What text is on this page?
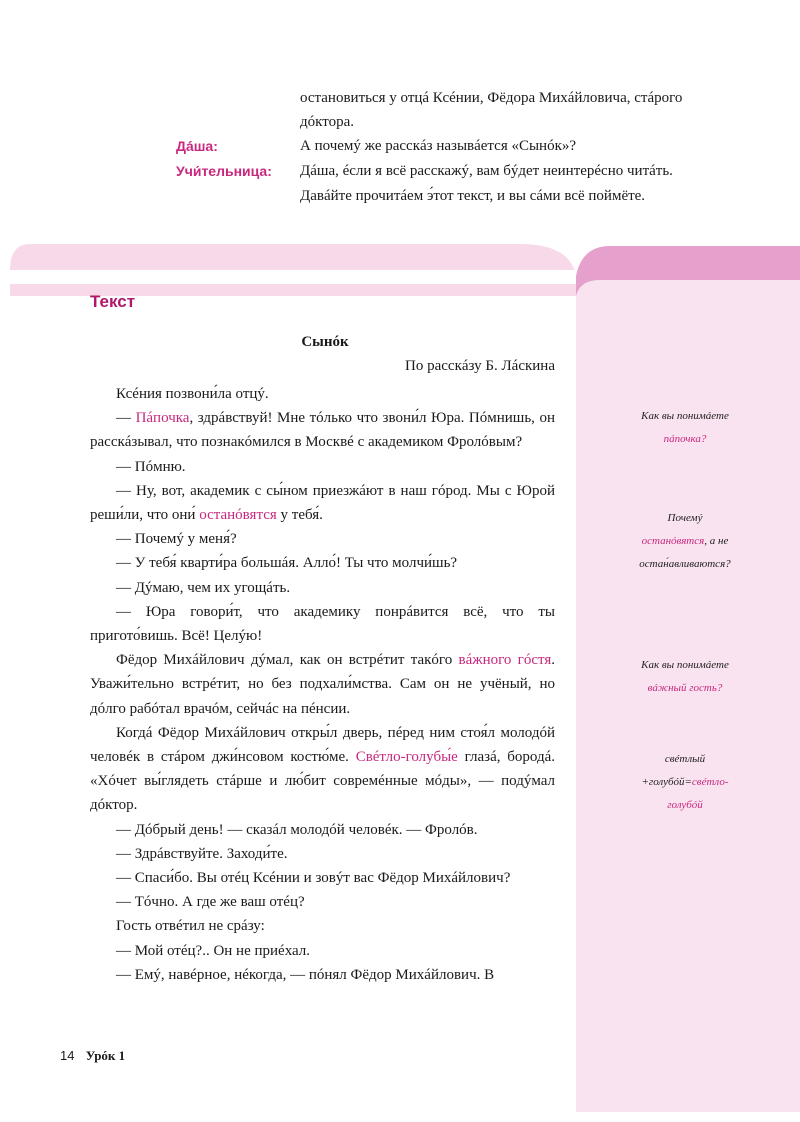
остановиться у отцá Ксéнии, Фёдора Михáйловича, стáрого
дóктора.
Дáша:	А почемý же расскáз назывáется «Сынóк»?
Учи́тельница: Дáша, éсли я всё расскажý, вам бýдет неинтерéсно читáть.
Давáйте прочитáем э́тот текст, и вы сáми всё поймёте.
Текст
Сынóк
По расскáзу Б. Лáскина

Ксéния позвони́ла отцý.

— Пáпочка, здрáвствуй! Мне тóлько что звони́л Юра. Пóмнишь, он расскáзывал, что познакóмился в Москвé с академиком Фролóвым?

— Пóмню.

— Ну, вот, академик с сы́ном приезжáют в наш гóрод. Мы с Юрой реши́ли, что они́ останóвятся у тебя́.

— Почемý у меня́?

— У тебя́ кварти́ра большáя. Алло́! Ты что молчи́шь?

— Дýмаю, чем их угощáть.

— Юра говори́т, что академику понрáвится всё, что ты пригото́вишь. Всё! Целýю!

Фёдор Михáйлович дýмал, как он встрéтит такóго вáжного гóстя. Уважи́тельно встрéтит, но без подхали́мства. Сам он не учёный, но дóлго рабóтал врачóм, сейчáс на пéнсии.

Когдá Фёдор Михáйлович откры́л дверь, пéред ним стоя́л молодóй человéк в стáром джи́нсовом костю́ме. Свéтло-голубы́е глазá, бородá. «Хóчет вы́глядеть стáрше и лю́бит совремéнные мóды», — подýмал дóктор.

— Дóбрый день! — сказáл молодóй человéк. — Фролóв.

— Здрáвствуйте. Заходи́те.

— Спаси́бо. Вы отéц Ксéнии и зовýт вас Фёдор Михáйлович?

— Тóчно. А где же ваш отéц?

Гость отвéтил не срáзу:

— Мой отéц?.. Он не приéхал.

— Емý, навéрное, нéкогда, — пóнял Фёдор Михáйлович. В

Как вы понимáете
пáпочка?
Почемý
останóвятся, а не
остан́авливаются?
Как вы понимáете
вáжный гость?
свéтлый
+голубóй=свéтло-
голубóй
14 Урóк 1
